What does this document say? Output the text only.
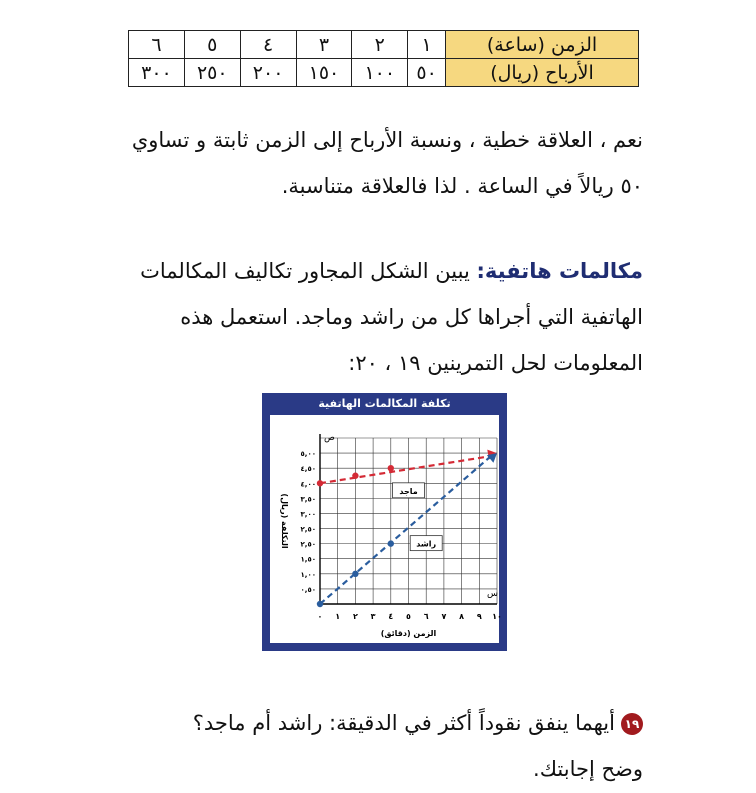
الزمن (ساعة)	١	٢	٣	٤	٥	٦
الأرباح (ريال)	٥٠	١٠٠	١٥٠	٢٠٠	٢٥٠	٣٠٠
نعم ، العلاقة خطية ، ونسبة الأرباح إلى الزمن ثابتة و تساوي
٥٠ ريالاً في الساعة . لذا فالعلاقة متناسبة.
مكالمات هاتفية: يبين الشكل المجاور تكاليف المكالمات
الهاتفية التي أجراها كل من راشد وماجد. استعمل هذه
المعلومات لحل التمرينين ١٩ ، ٢٠:
تكلفة المكالمات الهاتفية
ص
س
٠ ١ ٢ ٣ ٤ ٥ ٦ ٧ ٨ ٩ ١٠
٠,٥٠
١,٠٠
١,٥٠
٢,٥٠
٢,٥٠
٣,٠٠
٣,٥٠
٤,٠٠
٤,٥٠
٥,٠٠
الزمن (دقائق)
التكلفة (ريال)
ماجد
راشد
١٩أيهما ينفق نقوداً أكثر في الدقيقة: راشد أم ماجد؟
وضح إجابتك.
